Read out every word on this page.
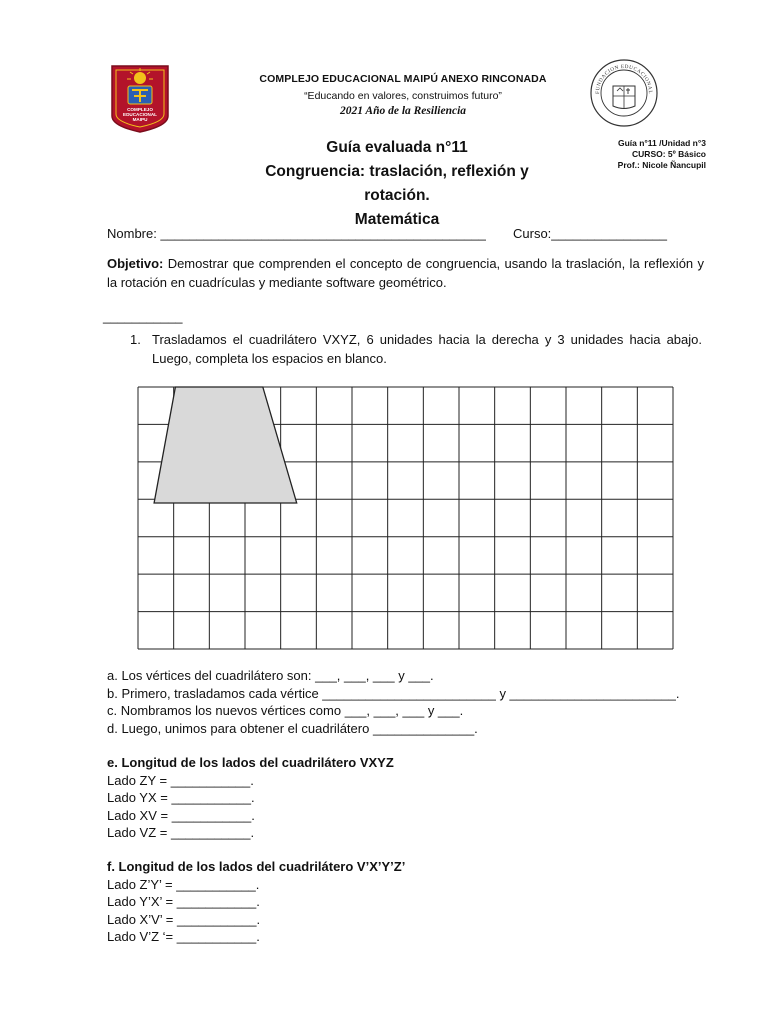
COMPLEJO
EDUCACIONAL
MAIPU
FUNDACION EDUCACIONAL
COMPLEJO EDUCACIONAL MAIPÚ ANEXO RINCONADA
“Educando en valores, construimos futuro”
2021 Año de la Resiliencia
Guía n°11 /Unidad n°3
CURSO: 5º Básico
Prof.: Nicole Ñancupil
Guía evaluada n°11
Congruencia: traslación, reflexión y
rotación.
Matemática
Nombre: _____________________________________________ Curso:________________
Objetivo: Demostrar que comprenden el concepto de congruencia, usando la traslación, la reflexión y la rotación en cuadrículas y mediante software geométrico.
___________
1. Trasladamos el cuadrilátero VXYZ, 6 unidades hacia la derecha y 3 unidades hacia abajo. Luego, completa los espacios en blanco.
a. Los vértices del cuadrilátero son: ___, ___, ___ y ___.
b. Primero, trasladamos cada vértice ________________________ y _______________________.
c. Nombramos los nuevos vértices como ___, ___, ___ y ___.
d. Luego, unimos para obtener el cuadrilátero ______________.
e. Longitud de los lados del cuadrilátero VXYZ
Lado ZY = ___________.
Lado YX = ___________.
Lado XV = ___________.
Lado VZ = ___________.
f. Longitud de los lados del cuadrilátero V’X’Y’Z’
Lado Z’Y’ = ___________.
Lado Y’X’ = ___________.
Lado X’V’ = ___________.
Lado V’Z ‘= ___________.
